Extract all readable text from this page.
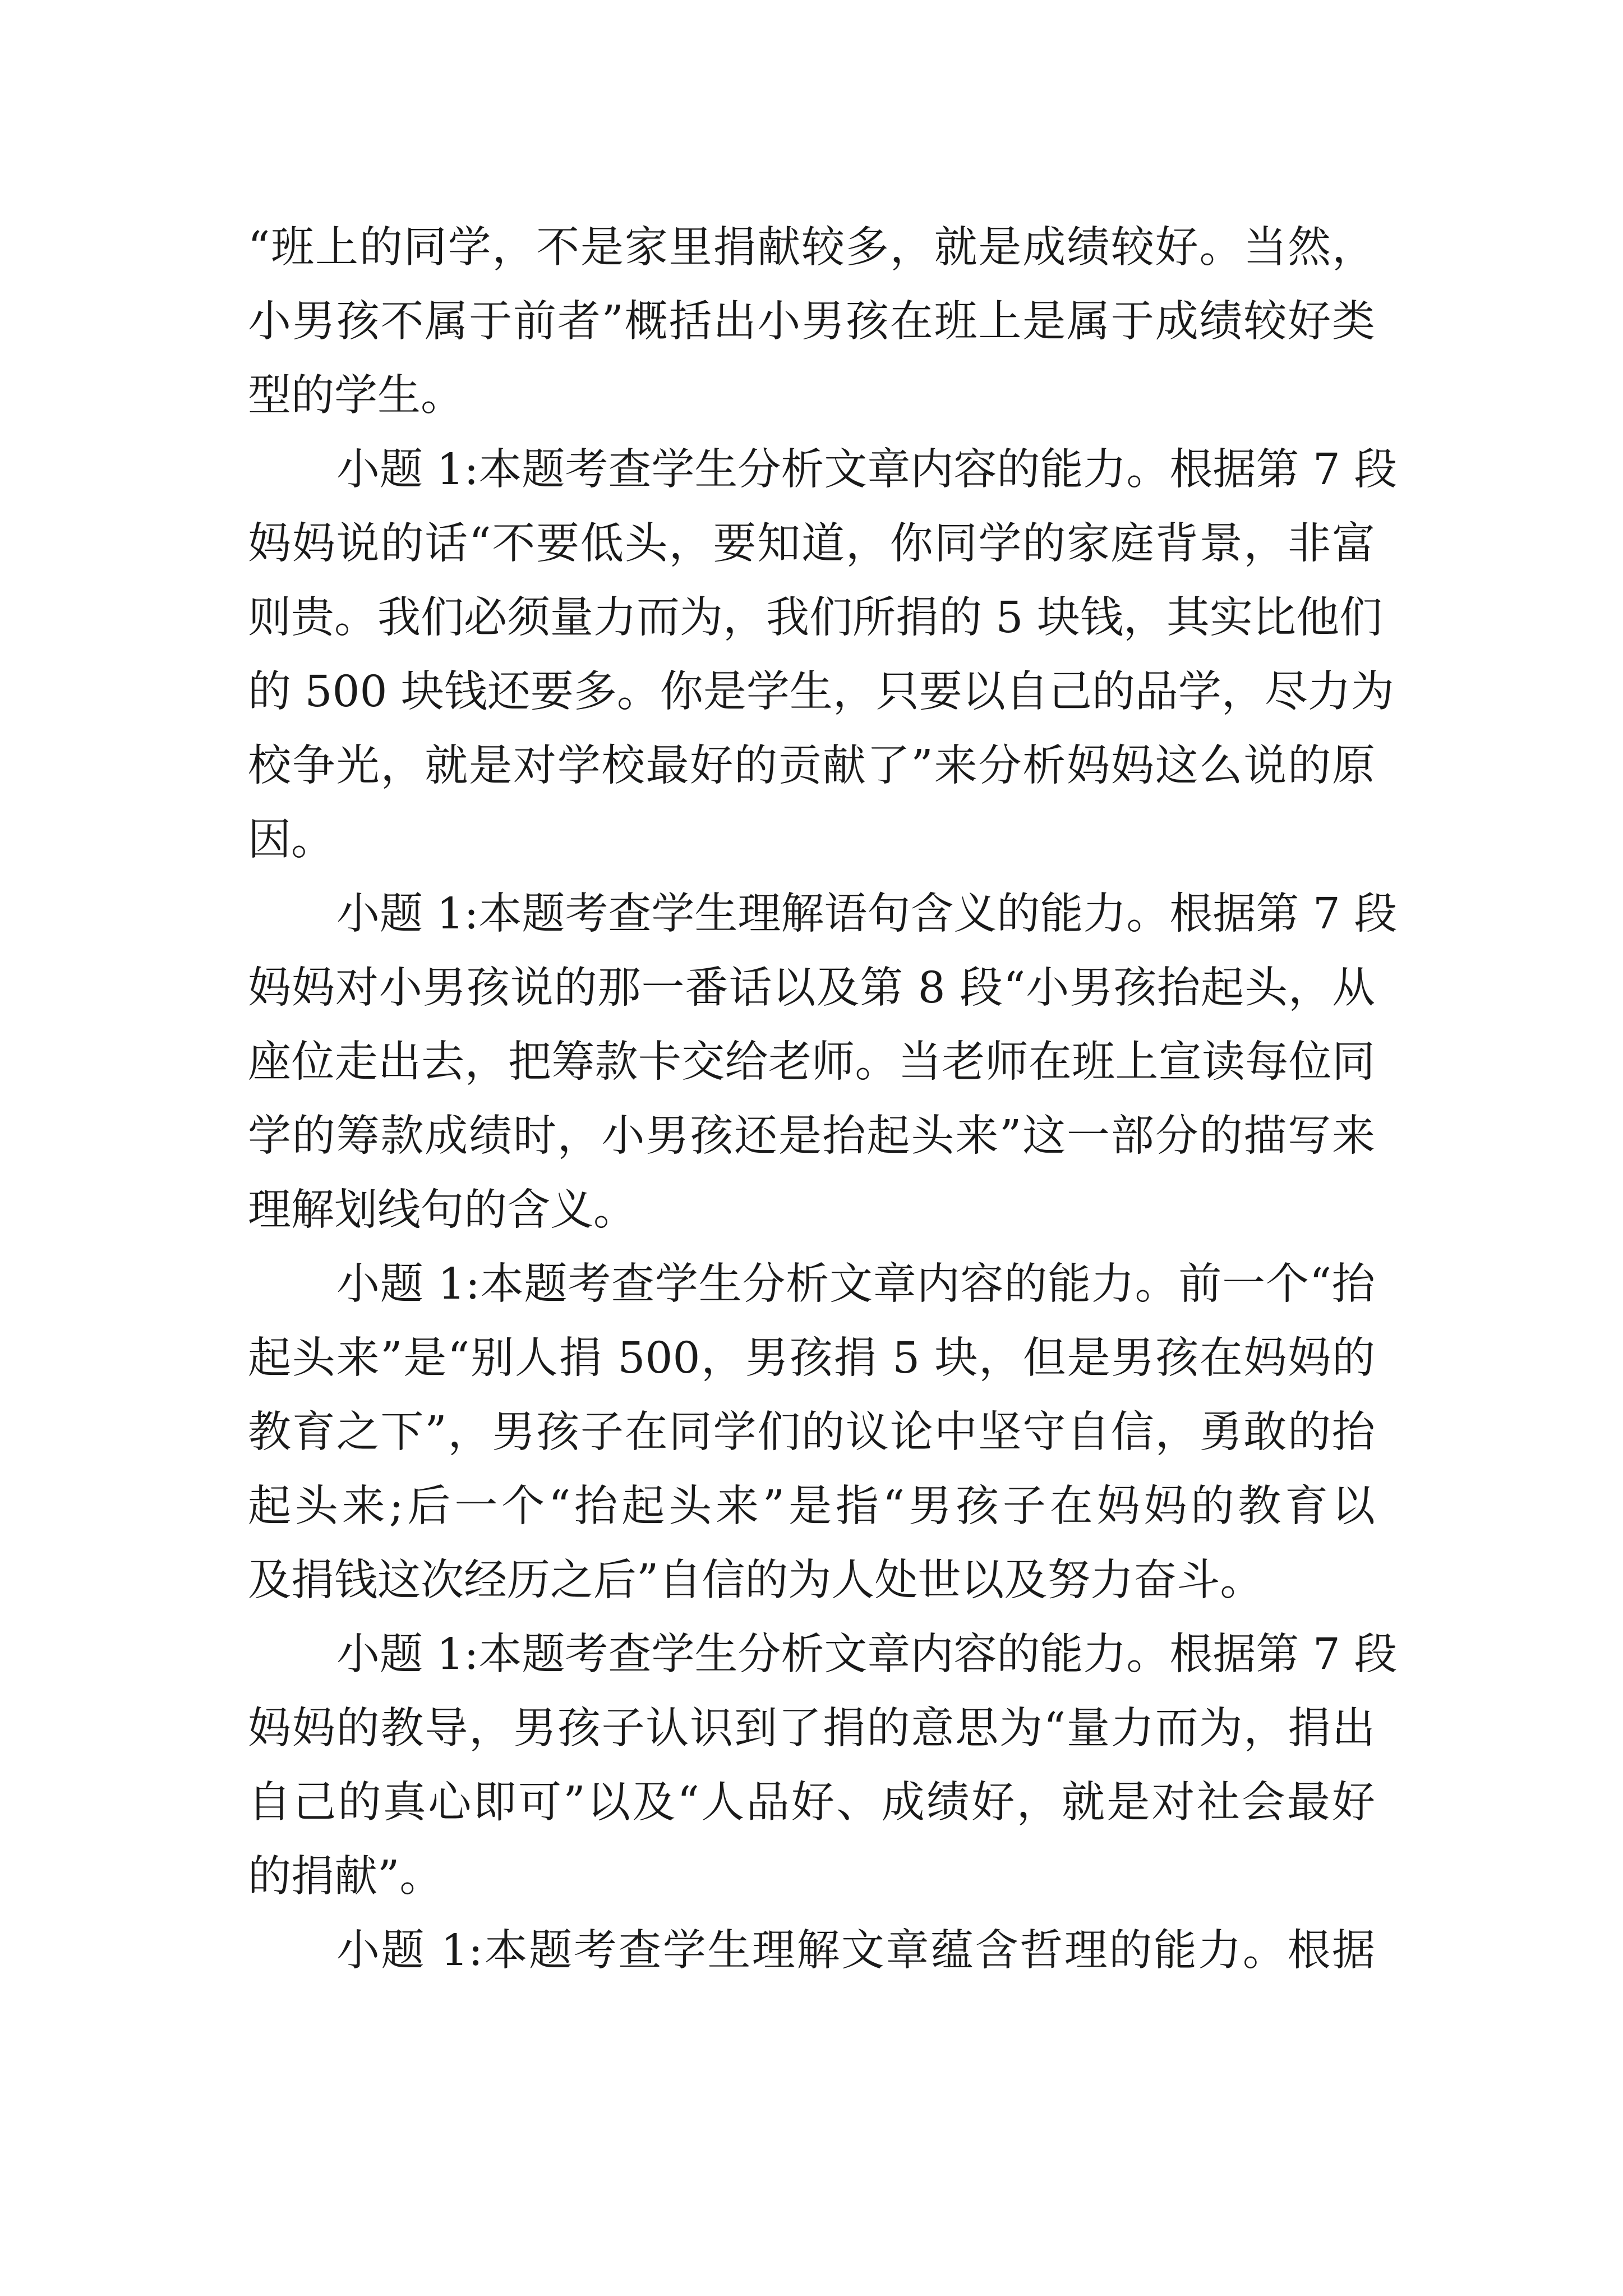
“班上的同学，不是家里捐献较多，就是成绩较好。当然，
小男孩不属于前者”概括出小男孩在班上是属于成绩较好类
型的学生。
小题 1:本题考查学生分析文章内容的能力。根据第 7 段
妈妈说的话“不要低头，要知道，你同学的家庭背景，非富
则贵。我们必须量力而为，我们所捐的 5 块钱，其实比他们
的 500 块钱还要多。你是学生，只要以自己的品学，尽力为
校争光，就是对学校最好的贡献了”来分析妈妈这么说的原
因。
小题 1:本题考查学生理解语句含义的能力。根据第 7 段
妈妈对小男孩说的那一番话以及第 8 段“小男孩抬起头，从
座位走出去，把筹款卡交给老师。当老师在班上宣读每位同
学的筹款成绩时，小男孩还是抬起头来”这一部分的描写来
理解划线句的含义。
小题 1:本题考查学生分析文章内容的能力。前一个“抬
起头来”是“别人捐 500，男孩捐 5 块，但是男孩在妈妈的
教育之下”，男孩子在同学们的议论中坚守自信，勇敢的抬
起头来;后一个“抬起头来”是指“男孩子在妈妈的教育以
及捐钱这次经历之后”自信的为人处世以及努力奋斗。
小题 1:本题考查学生分析文章内容的能力。根据第 7 段
妈妈的教导，男孩子认识到了捐的意思为“量力而为，捐出
自己的真心即可”以及“人品好、成绩好，就是对社会最好
的捐献”。
小题 1:本题考查学生理解文章蕴含哲理的能力。根据
